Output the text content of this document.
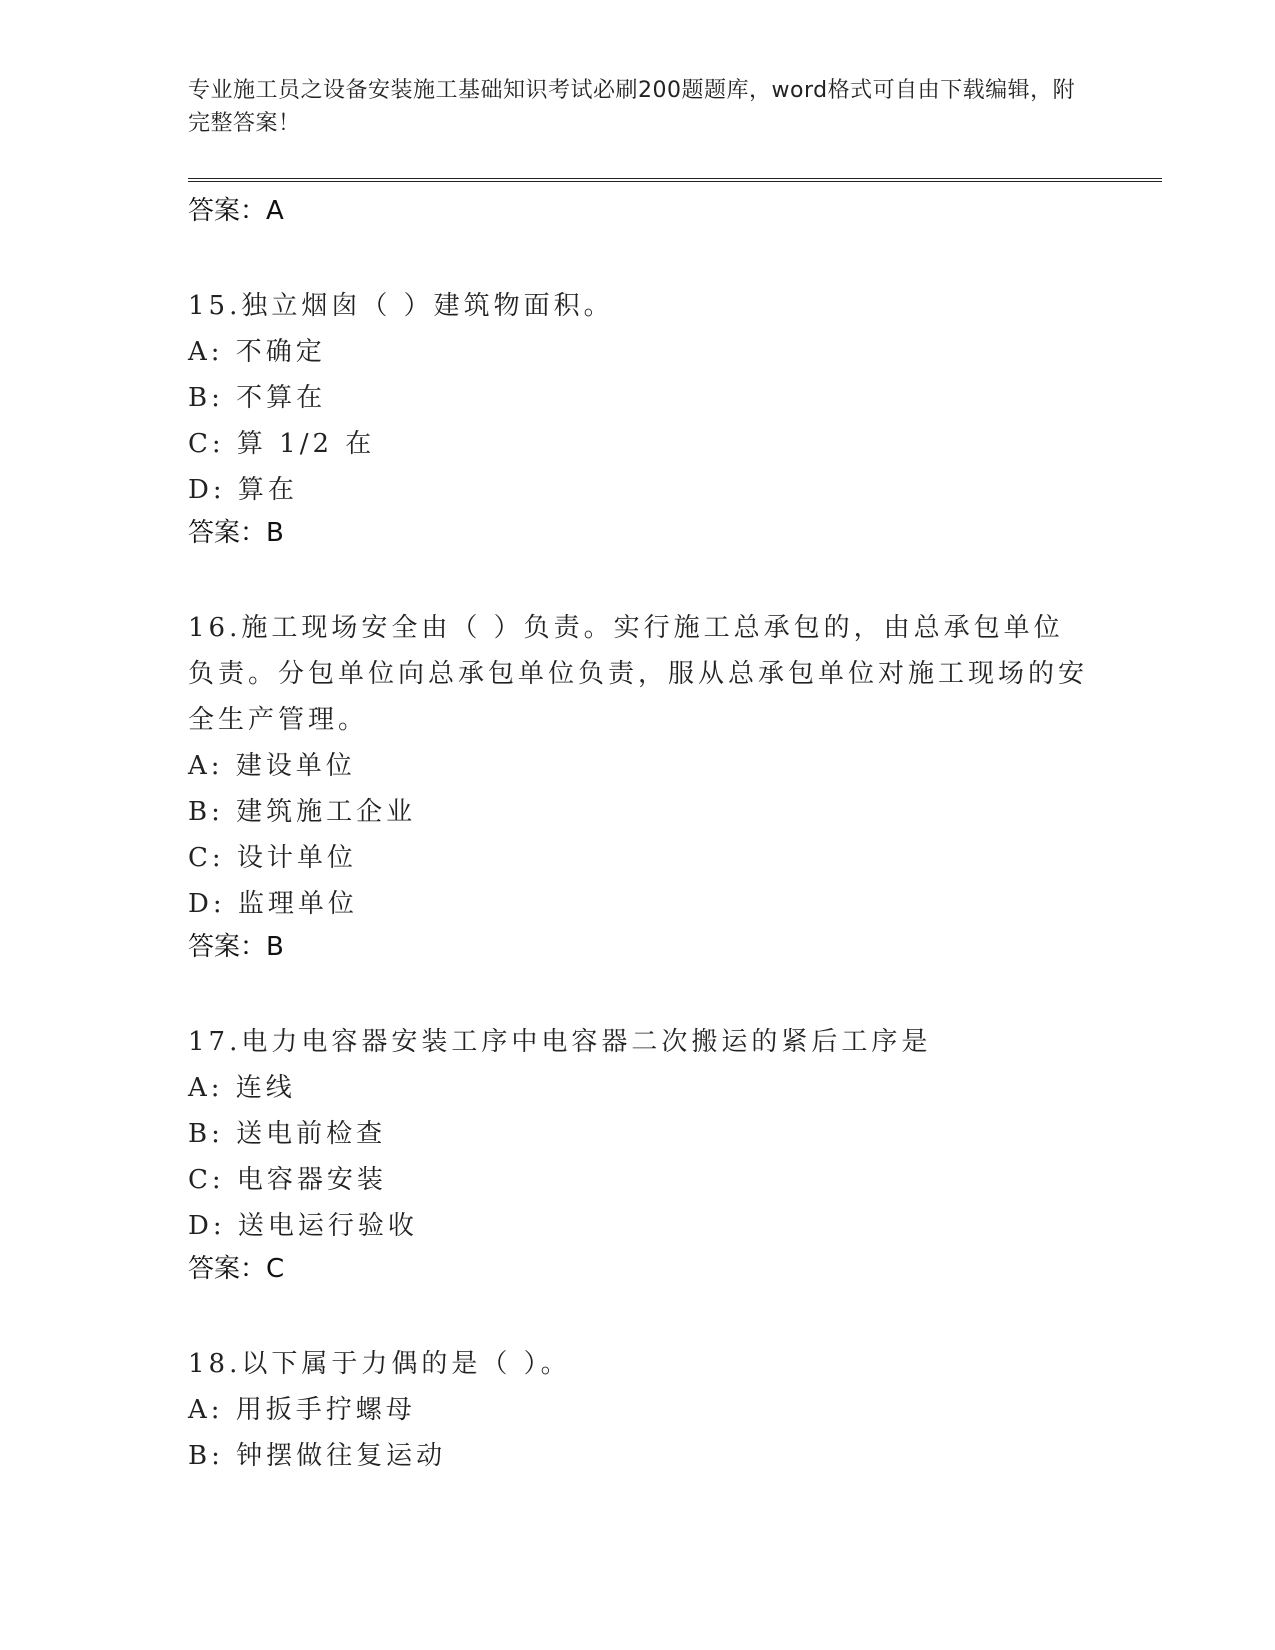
专业施工员之设备安装施工基础知识考试必刷200题题库，word格式可自由下载编辑，附完整答案！
答案：A
15.独立烟囱（ ）建筑物面积。
A: 不确定
B: 不算在
C: 算 1/2 在
D: 算在
答案：B
16.施工现场安全由（ ）负责。实行施工总承包的，由总承包单位负责。分包单位向总承包单位负责，服从总承包单位对施工现场的安全生产管理。
A: 建设单位
B: 建筑施工企业
C: 设计单位
D: 监理单位
答案：B
17.电力电容器安装工序中电容器二次搬运的紧后工序是
A: 连线
B: 送电前检查
C: 电容器安装
D: 送电运行验收
答案：C
18.以下属于力偶的是（ ）。
A: 用扳手拧螺母
B: 钟摆做往复运动
